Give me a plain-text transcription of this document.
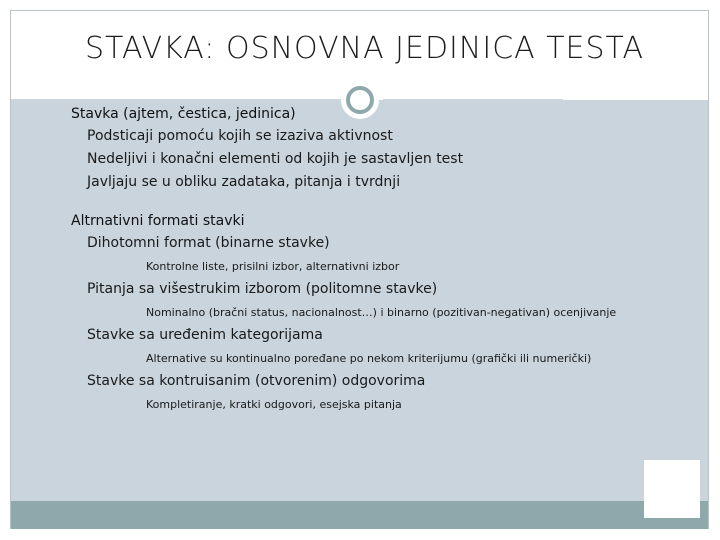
STAVKA: OSNOVNA JEDINICA TESTA
Stavka (ajtem, čestica, jedinica)
Podsticaji pomoću kojih se izaziva aktivnost
Nedeljivi i konačni elementi od kojih je sastavljen test
Javljaju se u obliku zadataka, pitanja i tvrdnji
Altrnativni formati stavki
Dihotomni format (binarne stavke)
Kontrolne liste, prisilni izbor, alternativni izbor
Pitanja sa višestrukim izborom (politomne stavke)
Nominalno (bračni status, nacionalnost…) i binarno (pozitivan-negativan) ocenjivanje
Stavke sa uređenim kategorijama
Alternative su kontinualno poređane po nekom kriterijumu (grafički ili numerički)
Stavke sa kontruisanim (otvorenim) odgovorima
Kompletiranje, kratki odgovori, esejska pitanja
